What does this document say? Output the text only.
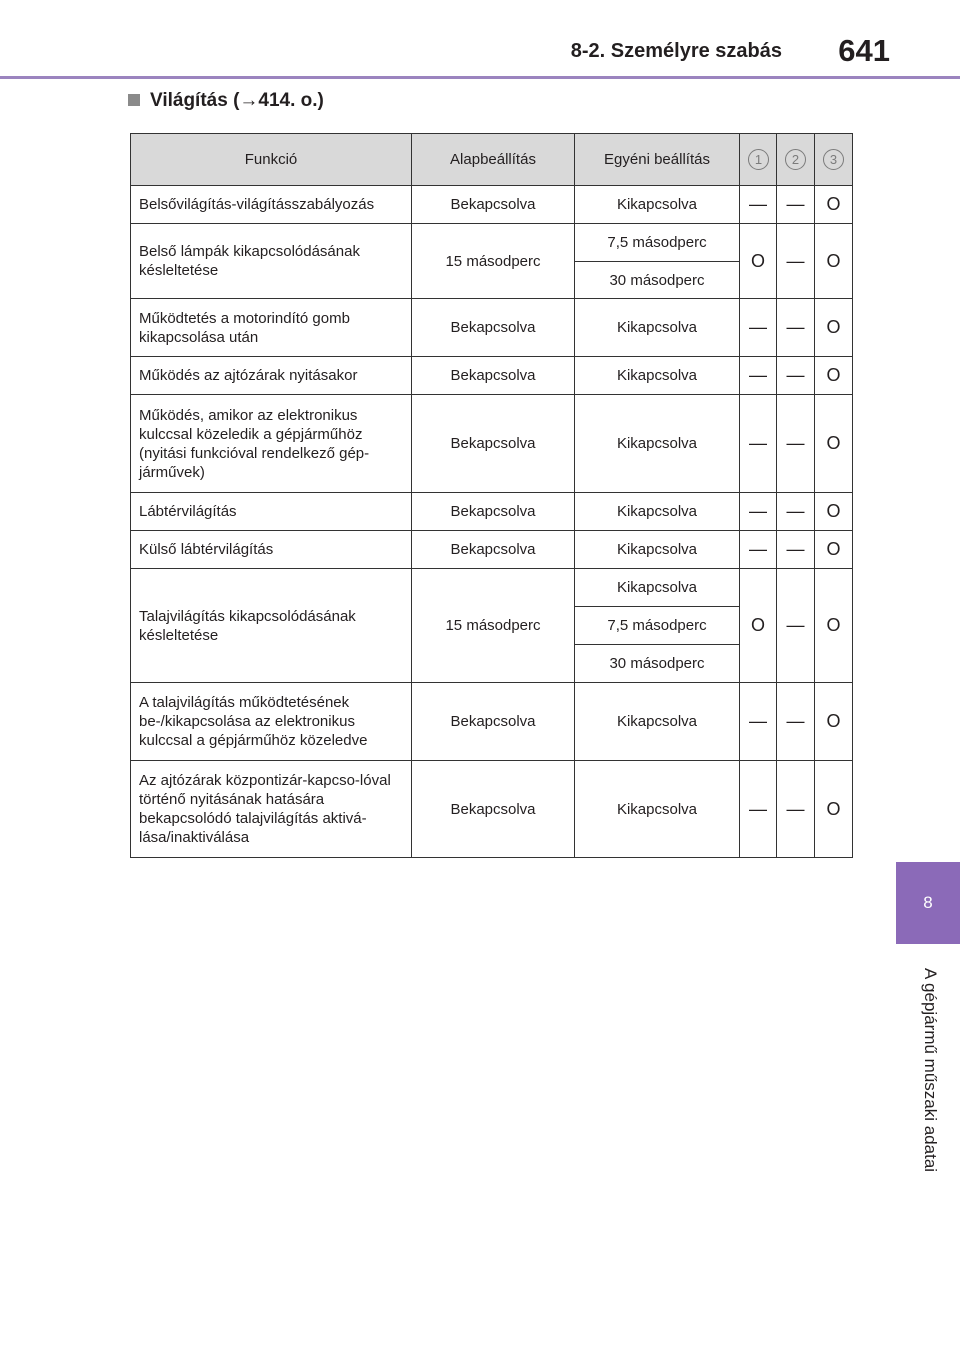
8-2. Személyre szabás 641
Világítás (→414. o.)
Funkció	Alapbeállítás	Egyéni beállítás	1	2	3
Belsővilágítás-világításszabályozás	Bekapcsolva	Kikapcsolva	—	—	O
Belső lámpák kikapcsolódásának késleltetése	15 másodperc	7,5 másodperc	O	—	O
		30 másodperc			
Működtetés a motorindító gomb kikapcsolása után	Bekapcsolva	Kikapcsolva	—	—	O
Működés az ajtózárak nyitásakor	Bekapcsolva	Kikapcsolva	—	—	O
Működés, amikor az elektronikus kulccsal közeledik a gépjárműhöz (nyitási funkcióval rendelkező gép-járművek)	Bekapcsolva	Kikapcsolva	—	—	O
Lábtérvilágítás	Bekapcsolva	Kikapcsolva	—	—	O
Külső lábtérvilágítás	Bekapcsolva	Kikapcsolva	—	—	O
Talajvilágítás kikapcsolódásának késleltetése	15 másodperc	Kikapcsolva	O	—	O
		7,5 másodperc			
		30 másodperc			
A talajvilágítás működtetésének be-/kikapcsolása az elektronikus kulccsal a gépjárműhöz közeledve	Bekapcsolva	Kikapcsolva	—	—	O
Az ajtózárak központizár-kapcso-lóval történő nyitásának hatására bekapcsolódó talajvilágítás aktivá-lása/inaktiválása	Bekapcsolva	Kikapcsolva	—	—	O
8
A gépjármű műszaki adatai
